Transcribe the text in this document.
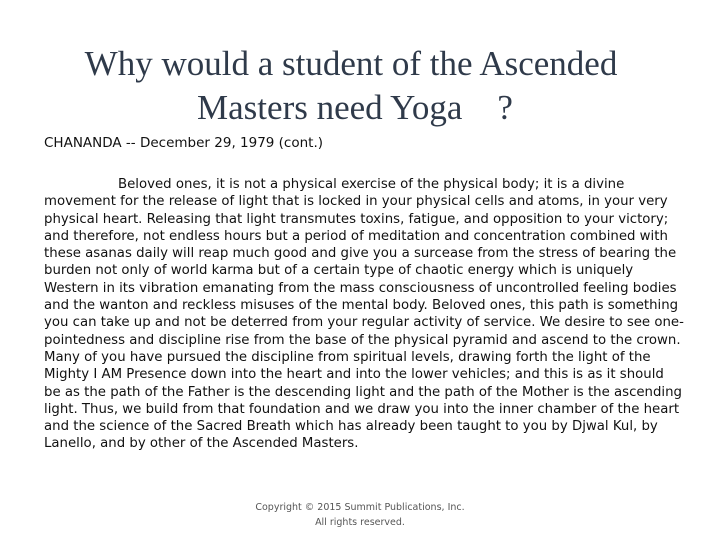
Why would a student of the Ascended
Masters need Yoga    ?

CHANANDA -- December 29, 1979 (cont.)

Beloved ones, it is not a physical exercise of the physical body; it is a divine movement for the release of light that is locked in your physical cells and atoms, in your very physical heart. Releasing that light transmutes toxins, fatigue, and opposition to your victory; and therefore, not endless hours but a period of meditation and concentration combined with these asanas daily will reap much good and give you a surcease from the stress of bearing the burden not only of world karma but of a certain type of chaotic energy which is uniquely Western in its vibration emanating from the mass consciousness of uncontrolled feeling bodies and the wanton and reckless misuses of the mental body. Beloved ones, this path is something you can take up and not be deterred from your regular activity of service. We desire to see one-pointedness and discipline rise from the base of the physical pyramid and ascend to the crown. Many of you have pursued the discipline from spiritual levels, drawing forth the light of the Mighty I AM Presence down into the heart and into the lower vehicles; and this is as it should be as the path of the Father is the descending light and the path of the Mother is the ascending light. Thus, we build from that foundation and we draw you into the inner chamber of the heart and the science of the Sacred Breath which has already been taught to you by Djwal Kul, by Lanello, and by other of the Ascended Masters.

Copyright © 2015 Summit Publications, Inc.
All rights reserved.
